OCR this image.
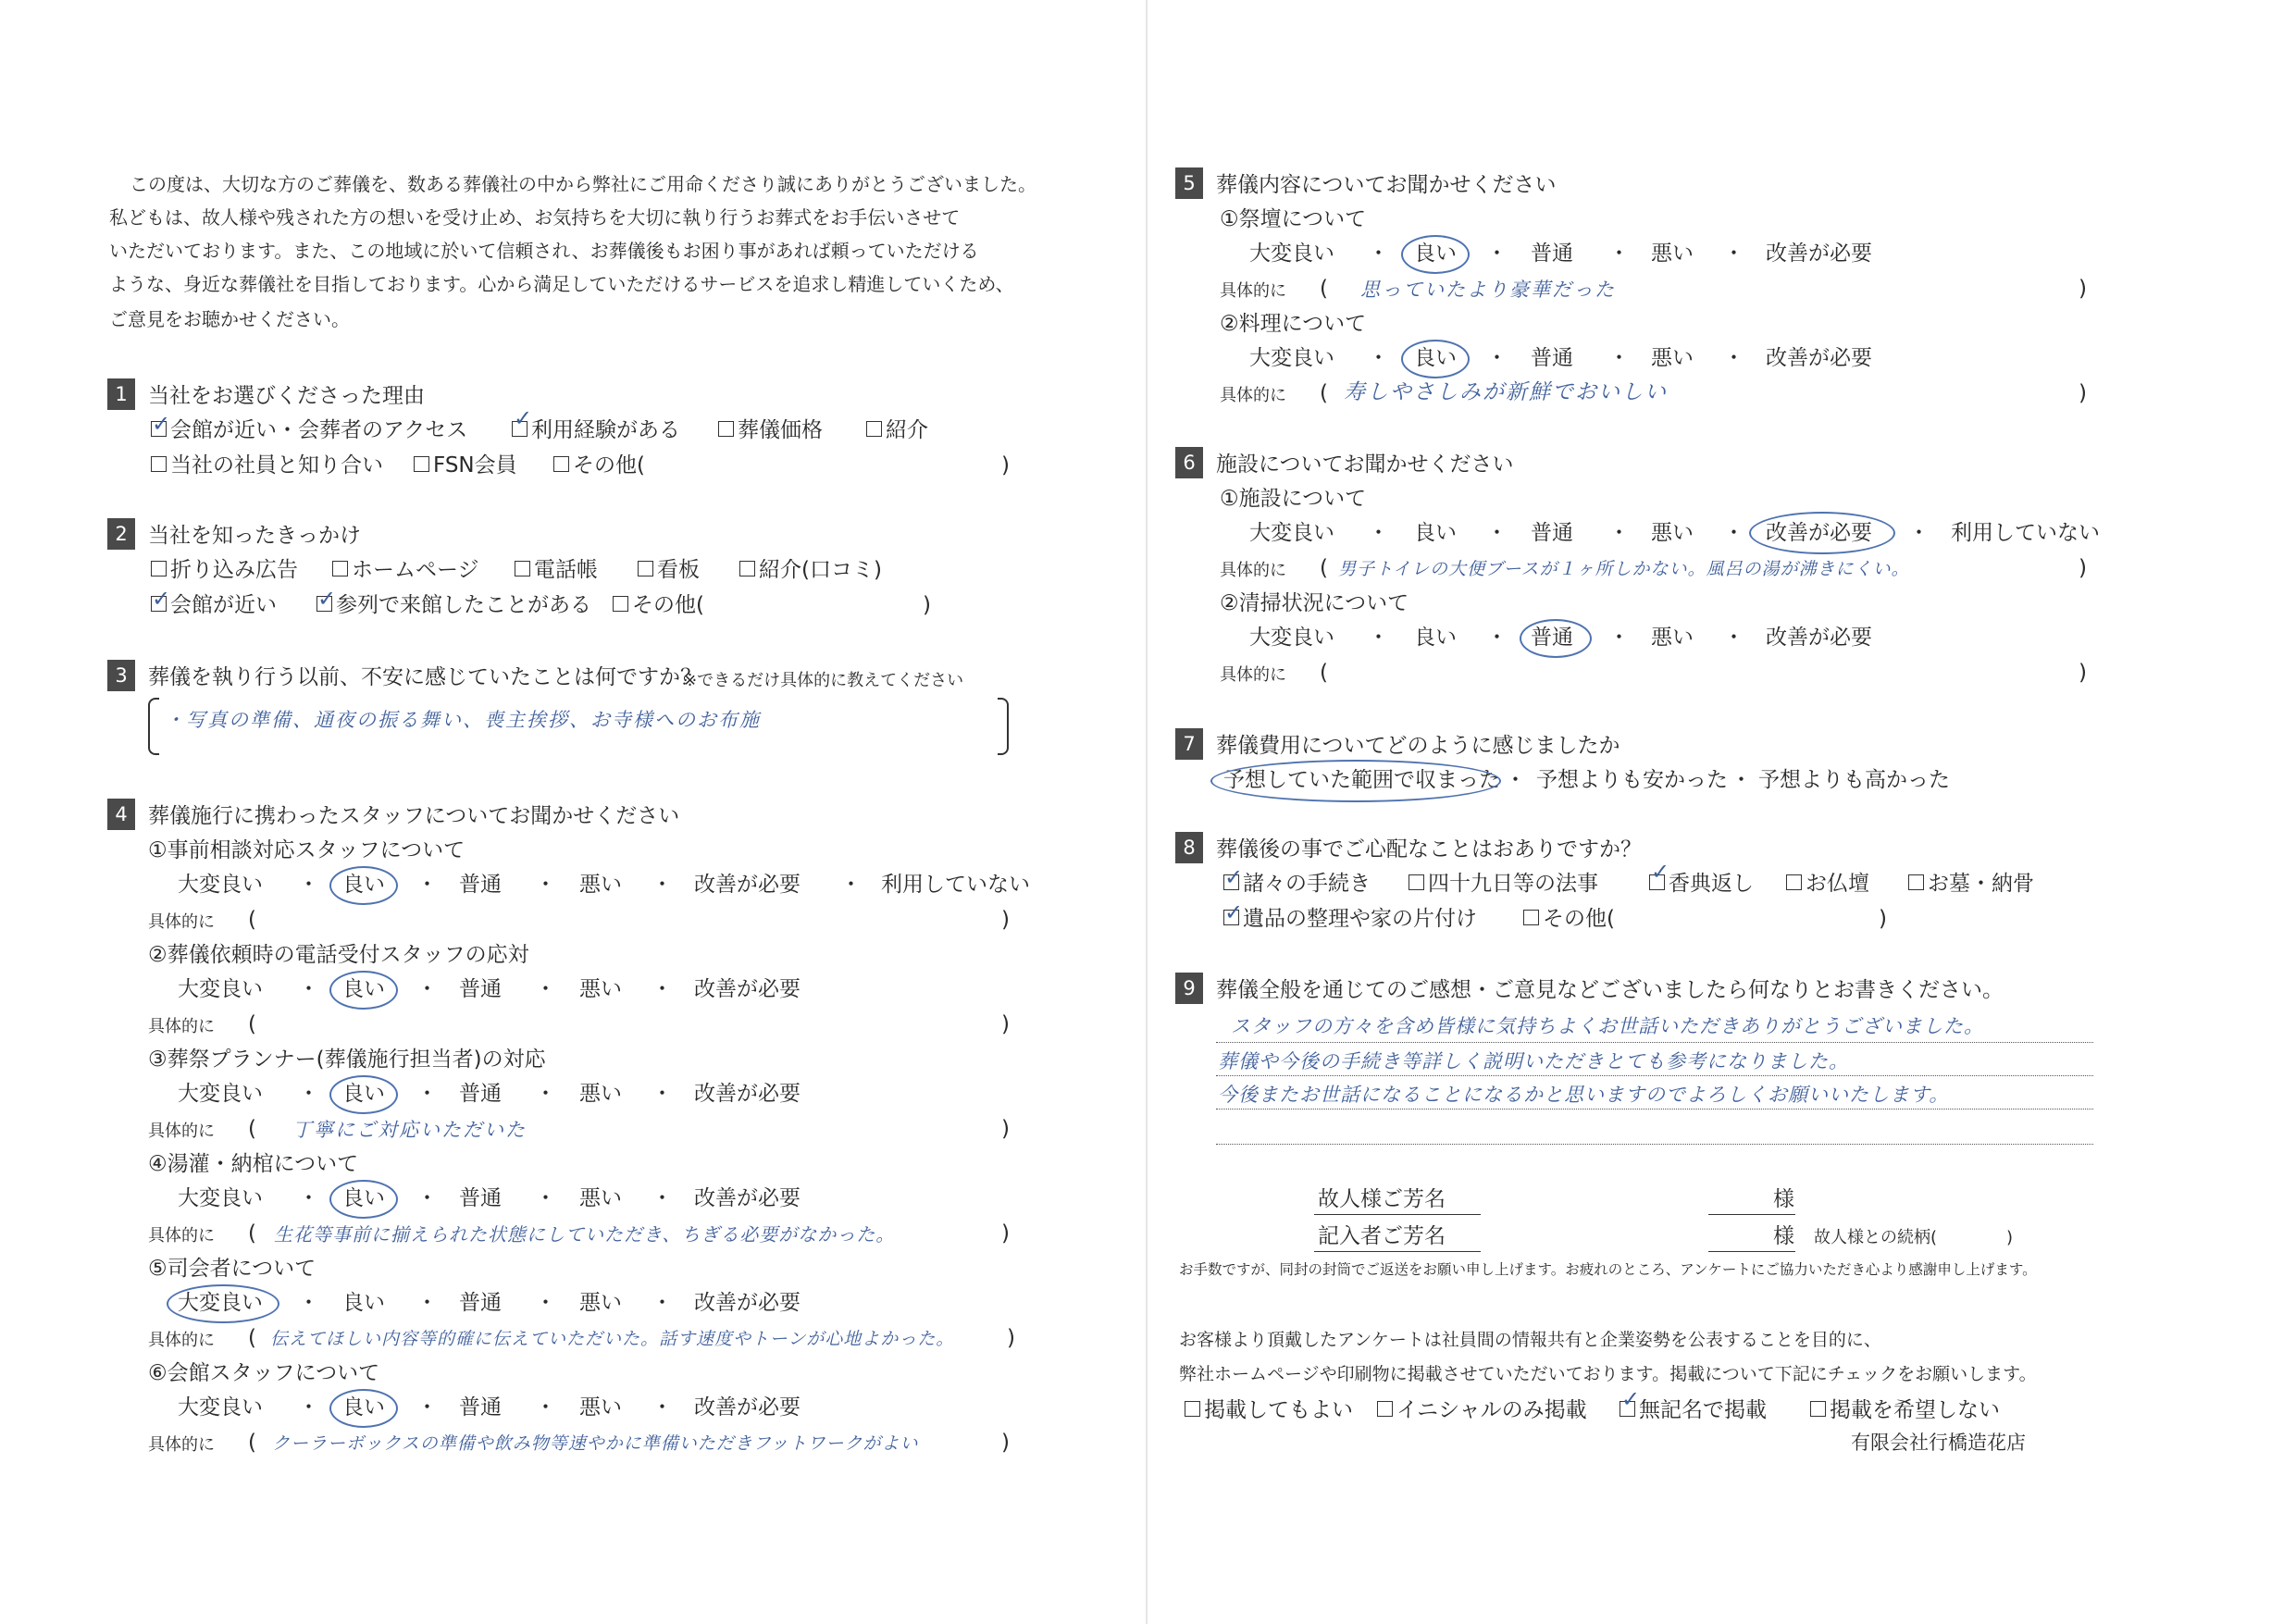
この度は、大切な方のご葬儀を、数ある葬儀社の中から弊社にご用命くださり誠にありがとうございました。
私どもは、故人様や残された方の想いを受け止め、お気持ちを大切に執り行うお葬式をお手伝いさせて
いただいております。また、この地域に於いて信頼され、お葬儀後もお困り事があれば頼っていただける
ような、身近な葬儀社を目指しております。心から満足していただけるサービスを追求し精進していくため、
ご意見をお聴かせください。
1 当社をお選びくださった理由
✓ 会館が近い・会葬者のアクセス ✓
利用経験がある	葬儀価格	紹介
当社の社員と知り合い FSN会員	その他(	)
2 当社を知ったきっかけ
折り込み広告	ホームページ	電話帳	看板	紹介(口コミ)
✓ 会館が近い ✓ 参列で来館したことがある その他(	)
3 葬儀を執り行う以前、不安に感じていたことは何ですか？
※できるだけ具体的に教えてください
・写真の準備、通夜の振る舞い、喪主挨拶、お寺様へのお布施
4 葬儀施行に携わったスタッフについてお聞かせください
①事前相談対応スタッフについて
大変良い ・ 良い ・ 普通 ・ 悪い ・ 改善が必要 ・ 利用していない
具体的に (	)
②葬儀依頼時の電話受付スタッフの応対
大変良い ・ 良い ・ 普通 ・ 悪い ・ 改善が必要
具体的に (	)
③葬祭プランナー(葬儀施行担当者)の対応
大変良い ・ 良い ・ 普通 ・ 悪い ・ 改善が必要
具体的に ( 丁寧にご対応いただいた	)
④湯灌・納棺について
大変良い ・ 良い ・ 普通 ・ 悪い ・ 改善が必要
具体的に ( 生花等事前に揃えられた状態にしていただき、ちぎる必要がなかった。	)
⑤司会者について
大変良い ・ 良い ・ 普通 ・ 悪い ・ 改善が必要
具体的に ( 伝えてほしい内容等的確に伝えていただいた。話す速度やトーンが心地よかった。 )
⑥会館スタッフについて
大変良い ・ 良い ・ 普通 ・ 悪い ・ 改善が必要
具体的に ( クーラーボックスの準備や飲み物等速やかに準備いただきフットワークがよい	)
5 葬儀内容についてお聞かせください
①祭壇について
大変良い ・ 良い ・ 普通 ・ 悪い ・ 改善が必要
具体的に ( 思っていたより豪華だった	)
②料理について
大変良い ・ 良い ・ 普通 ・ 悪い ・ 改善が必要
具体的に ( 寿しやさしみが新鮮でおいしい	)
6 施設についてお聞かせください
①施設について
大変良い ・ 良い ・ 普通 ・ 悪い ・ 改善が必要 ・ 利用していない
具体的に ( 男子トイレの大便ブースが１ヶ所しかない。風呂の湯が沸きにくい。	)
②清掃状況について
大変良い ・ 良い ・ 普通 ・ 悪い ・ 改善が必要
具体的に (	)
7 葬儀費用についてどのように感じましたか
予想していた範囲で収まった ・ 予想よりも安かった ・ 予想よりも高かった
8 葬儀後の事でご心配なことはおありですか？
✓ 諸々の手続き	四十九日等の法事 ✓
香典返し お仏壇	お墓・納骨
✓ 遺品の整理や家の片付け	その他(	)
9 葬儀全般を通じてのご感想・ご意見などございましたら何なりとお書きください。
スタッフの方々を含め皆様に気持ちよくお世話いただきありがとうございました。
葬儀や今後の手続き等詳しく説明いただきとても参考になりました。
今後またお世話になることになるかと思いますのでよろしくお願いいたします。
故人様ご芳名	様
記入者ご芳名	様 故人様との続柄(	)
お手数ですが、同封の封筒でご返送をお願い申し上げます。お疲れのところ、アンケートにご協力いただき心より感謝申し上げます。
お客様より頂戴したアンケートは社員間の情報共有と企業姿勢を公表することを目的に、
弊社ホームページや印刷物に掲載させていただいております。掲載について下記にチェックをお願いします。
掲載してもよい イニシャルのみ掲載 ✓
無記名で掲載	掲載を希望しない
有限会社行橋造花店
